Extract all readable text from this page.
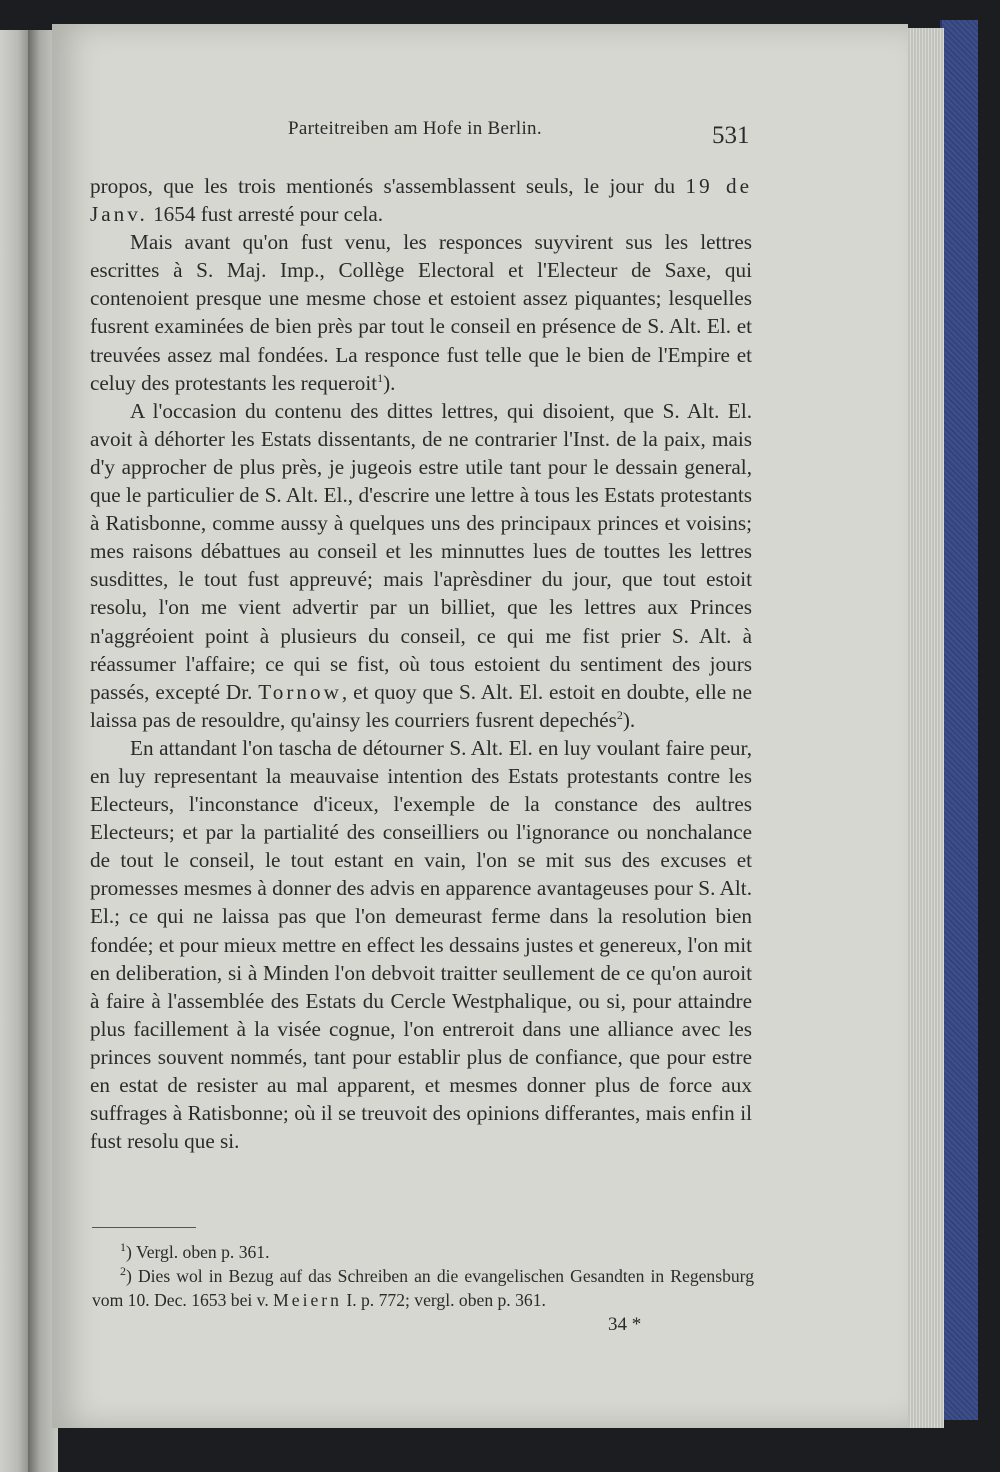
Parteitreiben am Hofe in Berlin.	531

propos, que les trois mentionés s'assemblassent seuls, le jour du 19 de Janv. 1654 fust arresté pour cela.

Mais avant qu'on fust venu, les responces suyvirent sus les lettres escrittes à S. Maj. Imp., Collège Electoral et l'Electeur de Saxe, qui contenoient presque une mesme chose et estoient assez piquantes; lesquelles fusrent examinées de bien près par tout le conseil en présence de S. Alt. El. et treuvées assez mal fondées. La responce fust telle que le bien de l'Empire et celuy des protestants les requeroit$^1$).

A l'occasion du contenu des dittes lettres, qui disoient, que S. Alt. El. avoit à déhorter les Estats dissentants, de ne contrarier l'Inst. de la paix, mais d'y approcher de plus près, je jugeois estre utile tant pour le dessain general, que le particulier de S. Alt. El., d'escrire une lettre à tous les Estats protestants à Ratisbonne, comme aussy à quelques uns des principaux princes et voisins; mes raisons débattues au conseil et les minnuttes lues de touttes les lettres susdittes, le tout fust appreuvé; mais l'aprèsdiner du jour, que tout estoit resolu, l'on me vient advertir par un billiet, que les lettres aux Princes n'aggréoient point à plusieurs du conseil, ce qui me fist prier S. Alt. à réassumer l'affaire; ce qui se fist, où tous estoient du sentiment des jours passés, excepté Dr. Tornow, et quoy que S. Alt. El. estoit en doubte, elle ne laissa pas de resouldre, qu'ainsy les courriers fusrent depechés$^2$).

En attandant l'on tascha de détourner S. Alt. El. en luy voulant faire peur, en luy representant la meauvaise intention des Estats protestants contre les Electeurs, l'inconstance d'iceux, l'exemple de la constance des aultres Electeurs; et par la partialité des conseilliers ou l'ignorance ou nonchalance de tout le conseil, le tout estant en vain, l'on se mit sus des excuses et promesses mesmes à donner des advis en apparence avantageuses pour S. Alt. El.; ce qui ne laissa pas que l'on demeurast ferme dans la resolution bien fondée; et pour mieux mettre en effect les dessains justes et genereux, l'on mit en deliberation, si à Minden l'on debvoit traitter seullement de ce qu'on auroit à faire à l'assemblée des Estats du Cercle Westphalique, ou si, pour attaindre plus facillement à la visée cognue, l'on entreroit dans une alliance avec les princes souvent nommés, tant pour establir plus de confiance, que pour estre en estat de resister au mal apparent, et mesmes donner plus de force aux suffrages à Ratisbonne; où il se treuvoit des opinions differantes, mais enfin il fust resolu que si.

$^1$) Vergl. oben p. 361.

$^2$) Dies wol in Bezug auf das Schreiben an die evangelischen Gesandten in Regensburg vom 10. Dec. 1653 bei v. Meiern I. p. 772; vergl. oben p. 361.

34 *
